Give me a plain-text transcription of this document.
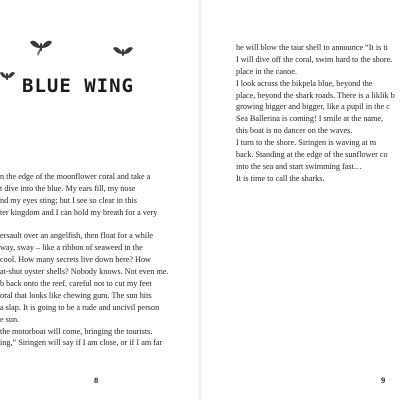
BLUE WING
n the edge of the moonflower coral and take a
t dive into the blue. My ears fill, my nose
nd my eyes sting; but I see so clear in this
ter kingdom and I can hold my breath for a very
ersault over an angelfish, then float for a while
way, sway – like a ribbon of seaweed in the
cool. How many secrets live down here? How
at-shut oyster shells? Nobody knows. Not even me.
b back onto the reef, careful not to cut my feet
oral that looks like chewing gum. The sun hits
a slap. It is going to be a rude and uncivil person
e sun.
the motorboat will come, bringing the tourists.
ing,” Siringen will say if I am close, or if I am far
8
he will blow the taur shell to announce “It is ti
I will dive off the coral, swim hard to the shore.
place in the canoe.
I look across the bikpela blue, beyond the
place, beyond the shark roads. There is a liklik b
growing bigger and bigger, like a pupil in the c
Sea Ballerina is coming! I smile at the name,
this boat is no dancer on the waves.
I turn to the shore. Siringen is waving at m
back. Standing at the edge of the sunflower co
into the sea and start swimming fast…
It is time to call the sharks.
9
